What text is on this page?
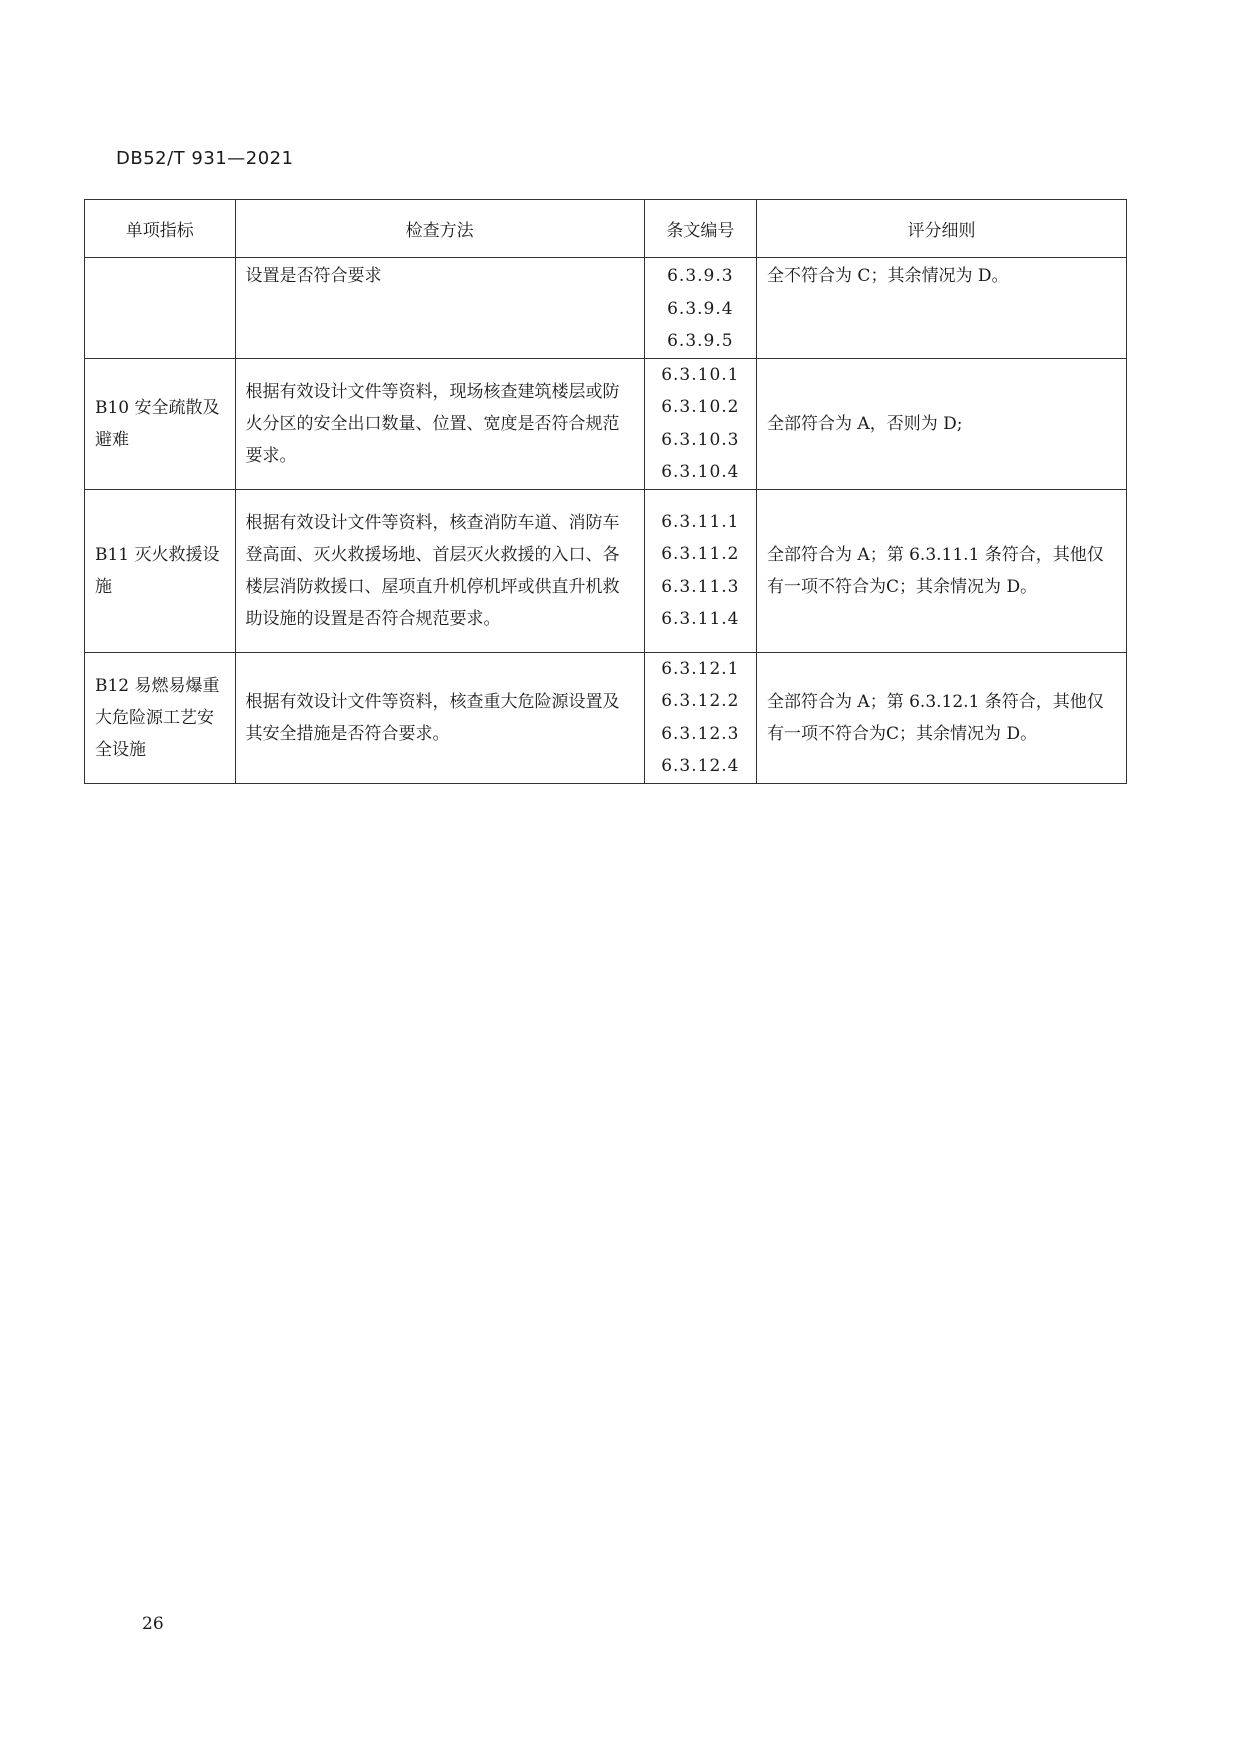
DB52/T 931—2021
单项指标	检查方法	条文编号	评分细则
	设置是否符合要求	6.3.9.3
6.3.9.4
6.3.9.5	全不符合为 C；其余情况为 D。
B10 安全疏散及避难	根据有效设计文件等资料，现场核查建筑楼层或防火分区的安全出口数量、位置、宽度是否符合规范要求。	6.3.10.1
6.3.10.2
6.3.10.3
6.3.10.4	全部符合为 A，否则为 D;
B11 灭火救援设施	根据有效设计文件等资料，核查消防车道、消防车登高面、灭火救援场地、首层灭火救援的入口、各楼层消防救援口、屋项直升机停机坪或供直升机救助设施的设置是否符合规范要求。	6.3.11.1
6.3.11.2
6.3.11.3
6.3.11.4	全部符合为 A；第 6.3.11.1 条符合，其他仅有一项不符合为C；其余情况为 D。
B12 易燃易爆重大危险源工艺安全设施	根据有效设计文件等资料，核查重大危险源设置及其安全措施是否符合要求。	6.3.12.1
6.3.12.2
6.3.12.3
6.3.12.4	全部符合为 A；第 6.3.12.1 条符合，其他仅有一项不符合为C；其余情况为 D。
26
